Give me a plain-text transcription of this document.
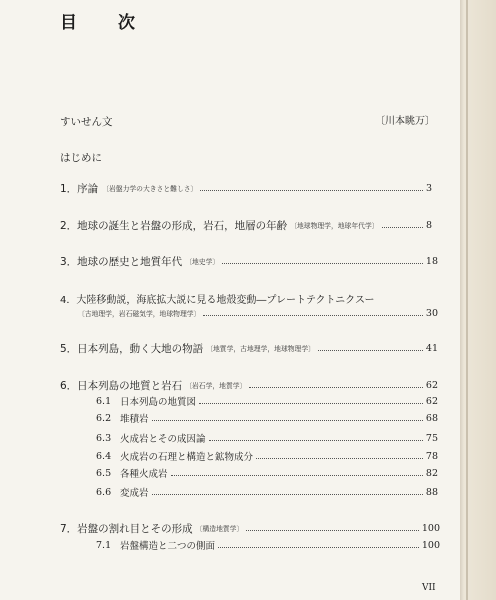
目　次
すいせん文	〔川本眺万〕
はじめに
1．序論 〔岩盤力学の大きさと難しさ〕	3
2．地球の誕生と岩盤の形成，岩石，地層の年齢 〔地球物理学，地球年代学〕	8
3．地球の歴史と地質年代 〔地史学〕	18
4．大陸移動説，海底拡大説に見る地殻変動―プレートテクトニクスー
〔古地理学，岩石磁気学，地球物理学〕	30
5．日本列島，動く大地の物語 〔地質学，古地理学，地球物理学〕	41
6．日本列島の地質と岩石 〔岩石学，地質学〕	62
6.1 日本列島の地質図	62
6.2 堆積岩	68
6.3 火成岩とその成因論	75
6.4 火成岩の石理と構造と鉱物成分	78
6.5 各種火成岩	82
6.6 変成岩	88
7．岩盤の割れ目とその形成 〔構造地質学〕	100
7.1 岩盤構造と二つの側面	100
VII
